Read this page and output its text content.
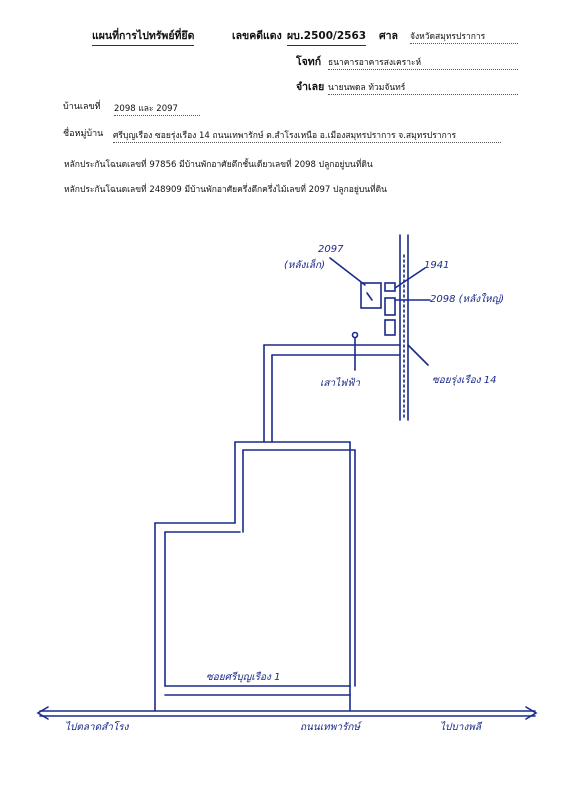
แผนที่การไปทรัพย์ที่ยึด	เลขคดีแดง ผบ.2500/2563 ศาล จังหวัดสมุทรปราการ
โจทก์ ธนาคารอาคารสงเคราะห์
จำเลย นายนพดล ท้วมจันทร์
บ้านเลขที่ 2098 และ 2097
ชื่อหมู่บ้าน ศรีบุญเรือง ซอยรุ่งเรือง 14 ถนนเทพารักษ์ ต.สำโรงเหนือ อ.เมืองสมุทรปราการ จ.สมุทรปราการ
หลักประกันโฉนดเลขที่ 97856 มีบ้านพักอาศัยตึกชั้นเดียวเลขที่ 2098 ปลูกอยู่บนที่ดิน
หลักประกันโฉนดเลขที่ 248909 มีบ้านพักอาศัยครึ่งตึกครึ่งไม้เลขที่ 2097 ปลูกอยู่บนที่ดิน
2097
(หลังเล็ก)	1941
2098 (หลังใหญ่)
เสาไฟฟ้า	ซอยรุ่งเรือง 14
ซอยศรีบุญเรือง 1
ไปตลาดสำโรง	ถนนเทพารักษ์	ไปบางพลี
